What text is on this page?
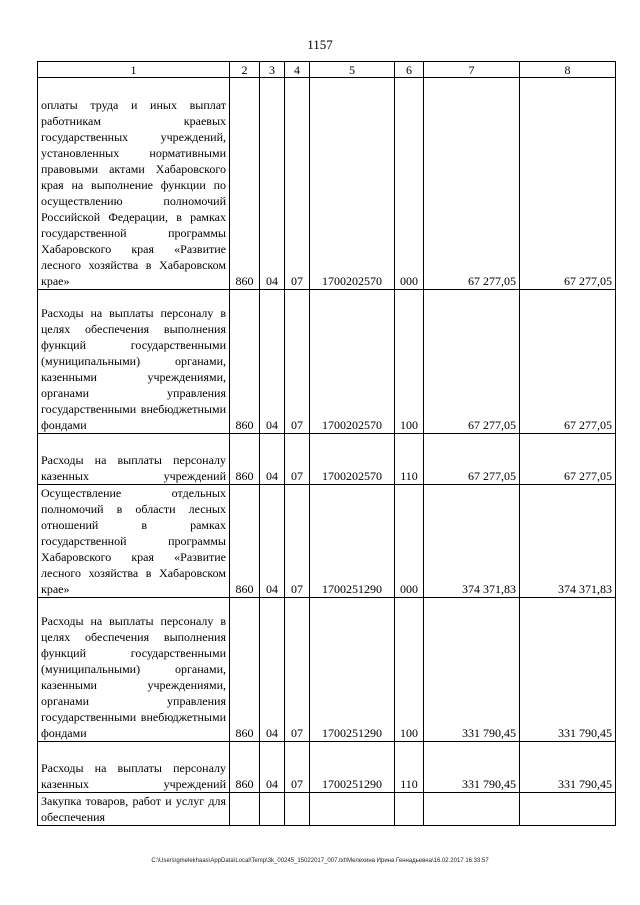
1157
1	2	3	4	5	6	7	8
оплаты труда и иных выплат работникам краевых государственных учреждений, установленных нормативными правовыми актами Хабаровского края на выполнение функции по осуществлению полномочий Российской Федерации, в рамках государственной программы Хабаровского края «Развитие лесного хозяйства в Хабаровском крае»	860	04	07	1700202570	000	67 277,05	67 277,05
Расходы на выплаты персоналу в целях обеспечения выполнения функций государственными (муниципальными) органами, казенными учреждениями, органами управления государственными внебюджетными фондами	860	04	07	1700202570	100	67 277,05	67 277,05
Расходы на выплаты персоналу казенных учреждений	860	04	07	1700202570	110	67 277,05	67 277,05
Осуществление отдельных полномочий в области лесных отношений в рамках государственной программы Хабаровского края «Развитие лесного хозяйства в Хабаровском крае»	860	04	07	1700251290	000	374 371,83	374 371,83
Расходы на выплаты персоналу в целях обеспечения выполнения функций государственными (муниципальными) органами, казенными учреждениями, органами управления государственными внебюджетными фондами	860	04	07	1700251290	100	331 790,45	331 790,45
Расходы на выплаты персоналу казенных учреждений	860	04	07	1700251290	110	331 790,45	331 790,45
Закупка товаров, работ и услуг для обеспечения							
C:\Users\gmelekhaas\AppData\Local\Temp\3k_00245_15022017_007.txt\Мелехина Ирина Геннадьевна\16.02.2017 16:33:57
